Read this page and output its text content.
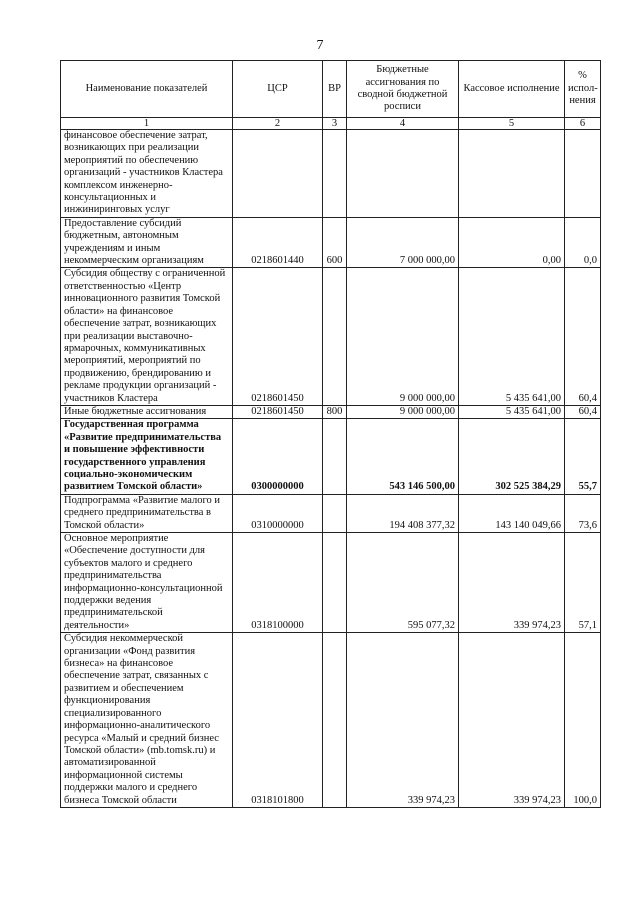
7
Наименование показателей	ЦСР	ВР	Бюджетные ассигнования по сводной бюджетной росписи	Кассовое исполнение	% испол-нения
1	2	3	4	5	6
финансовое обеспечение затрат, возникающих при реализации мероприятий по обеспечению организаций - участников Кластера комплексом инженерно-консультационных и инжиниринговых услуг					
Предоставление субсидий бюджетным, автономным учреждениям и иным некоммерческим организациям	0218601440	600	7 000 000,00	0,00	0,0
Субсидия обществу с ограниченной ответственностью «Центр инновационного развития Томской области» на финансовое обеспечение затрат, возникающих при реализации выставочно-ярмарочных, коммуникативных мероприятий, мероприятий по продвижению, брендированию и рекламе продукции организаций - участников Кластера	0218601450		9 000 000,00	5 435 641,00	60,4
Иные бюджетные ассигнования	0218601450	800	9 000 000,00	5 435 641,00	60,4
Государственная программа «Развитие предпринимательства и повышение эффективности государственного управления социально-экономическим развитием Томской области»	0300000000		543 146 500,00	302 525 384,29	55,7
Подпрограмма «Развитие малого и среднего предпринимательства в Томской области»	0310000000		194 408 377,32	143 140 049,66	73,6
Основное мероприятие «Обеспечение доступности для субъектов малого и среднего предпринимательства информационно-консультационной поддержки ведения предпринимательской деятельности»	0318100000		595 077,32	339 974,23	57,1
Субсидия некоммерческой организации «Фонд развития бизнеса» на финансовое обеспечение затрат, связанных с развитием и обеспечением функционирования специализированного информационно-аналитического ресурса «Малый и средний бизнес Томской области» (mb.tomsk.ru) и автоматизированной информационной системы поддержки малого и среднего бизнеса Томской области	0318101800		339 974,23	339 974,23	100,0
